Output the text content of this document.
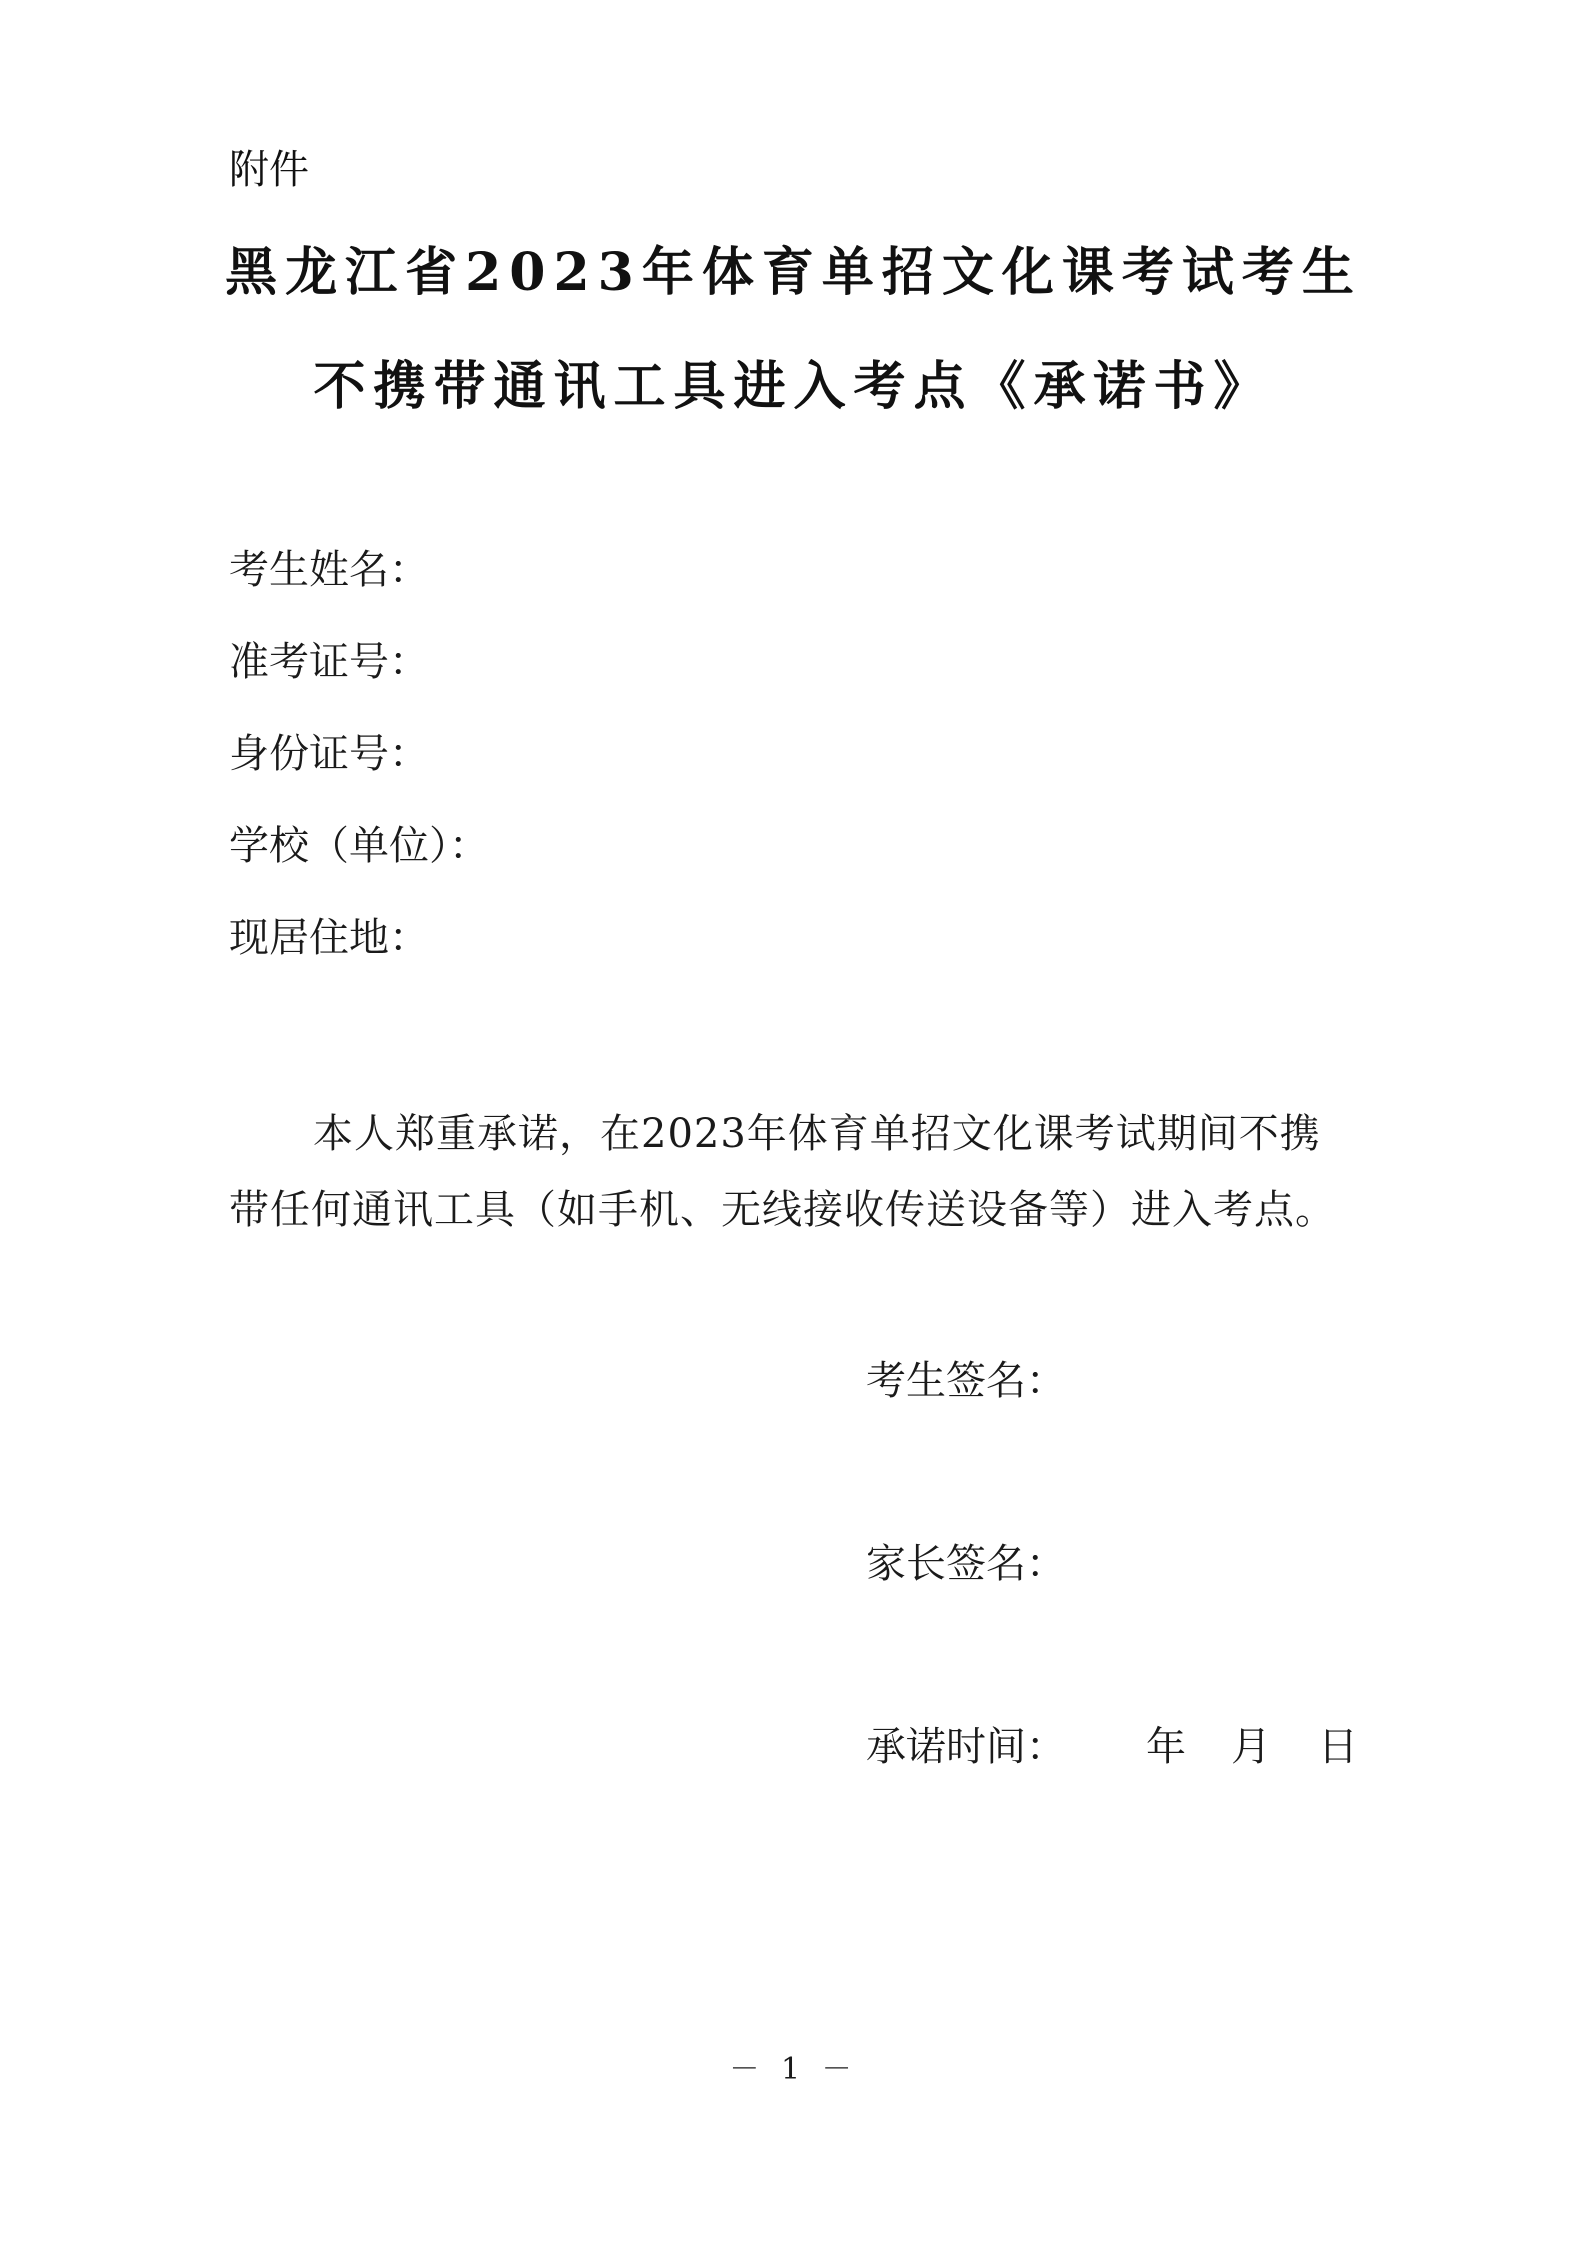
附件
黑龙江省2023年体育单招文化课考试考生
不携带通讯工具进入考点《承诺书》
考生姓名：
准考证号：
身份证号：
学校（单位）：
现居住地：
本人郑重承诺，在2023年体育单招文化课考试期间不携带任何通讯工具（如手机、无线接收传送设备等）进入考点。
考生签名：
家长签名：
承诺时间： 年 月 日
－ 1 －
